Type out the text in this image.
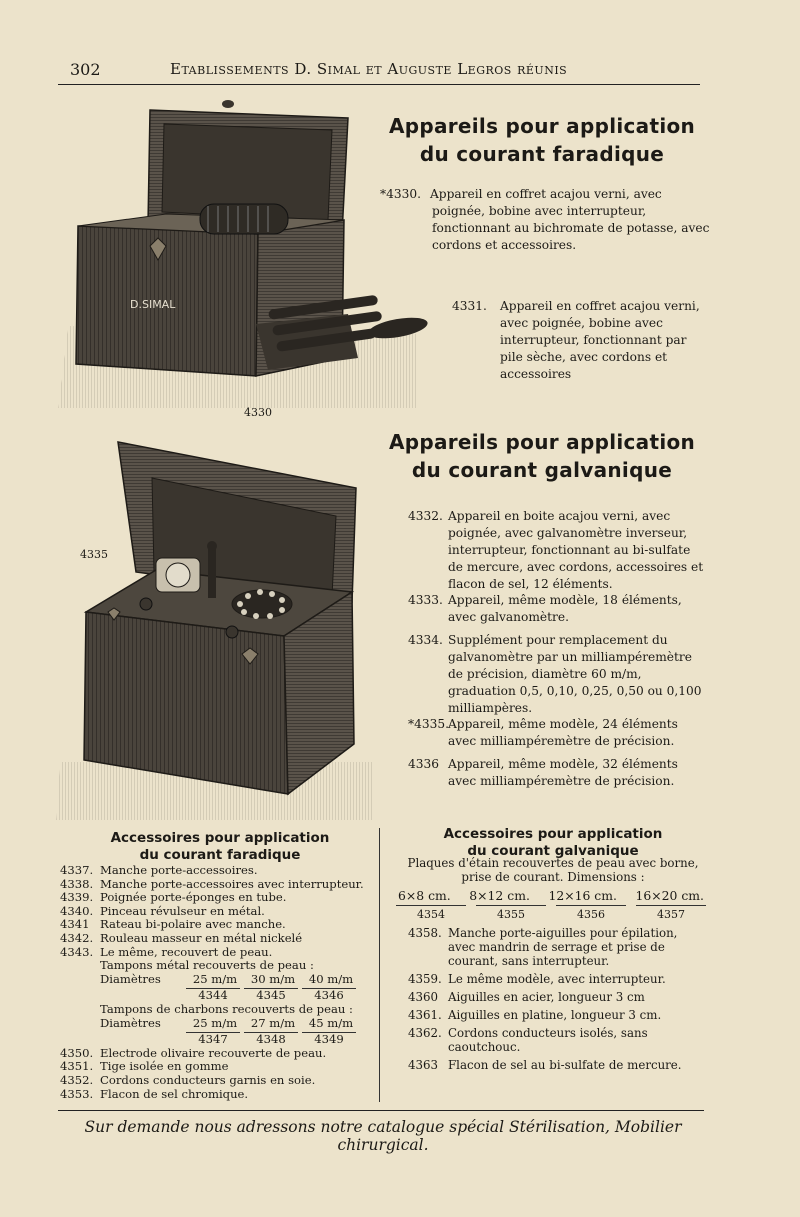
302	Etablissements D. Simal et Auguste Legros réunis
D.SIMAL
4330
Appareils pour application
du courant faradique
*4330. Appareil en coffret acajou verni, avec poignée, bobine avec interrupteur, fonctionnant au bichromate de potasse, avec cordons et accessoires.
4331.	Appareil en coffret acajou verni, avec poignée, bobine avec interrupteur, fonctionnant par pile sèche, avec cordons et accessoires
4335
Appareils pour application
du courant galvanique
4332. Appareil en boite acajou verni, avec poignée, avec galvanomètre inverseur, interrupteur, fonctionnant au bi-sulfate de mercure, avec cordons, accessoires et flacon de sel, 12 éléments.
4333. Appareil, même modèle, 18 éléments, avec galvanomètre.
4334. Supplément pour remplacement du galvanomètre par un milliampéremètre de précision, diamètre 60 m/m, graduation 0,5, 0,10, 0,25, 0,50 ou 0,100 milliampères.
*4335. Appareil, même modèle, 24 éléments avec milliampéremètre de précision.
4336 Appareil, même modèle, 32 éléments avec milliampéremètre de précision.
Accessoires pour application
du courant faradique
4337. Manche porte-accessoires.
4338. Manche porte-accessoires avec interrupteur.
4339. Poignée porte-éponges en tube.
4340. Pinceau révulseur en métal.
4341 Rateau bi-polaire avec manche.
4342. Rouleau masseur en métal nickelé
4343. Le même, recouvert de peau.
Tampons métal recouverts de peau :
Diamètres	25 m/m	30 m/m	40 m/m
4344	4345	4346
Tampons de charbons recouverts de peau :
Diamètres	25 m/m	27 m/m	45 m/m
4347	4348	4349
4350. Electrode olivaire recouverte de peau.
4351. Tige isolée en gomme
4352. Cordons conducteurs garnis en soie.
4353. Flacon de sel chromique.
Accessoires pour application
du courant galvanique
Plaques d'étain recouvertes de peau avec borne, prise de courant. Dimensions :
6×8 cm. 8×12 cm. 12×16 cm. 16×20 cm.
4354	4355	4356	4357
4358. Manche porte-aiguilles pour épilation, avec mandrin de serrage et prise de courant, sans interrupteur.
4359. Le même modèle, avec interrupteur.
4360 Aiguilles en acier, longueur 3 cm
4361. Aiguilles en platine, longueur 3 cm.
4362. Cordons conducteurs isolés, sans caoutchouc.
4363 Flacon de sel au bi-sulfate de mercure.
Sur demande nous adressons notre catalogue spécial Stérilisation, Mobilier chirurgical.
